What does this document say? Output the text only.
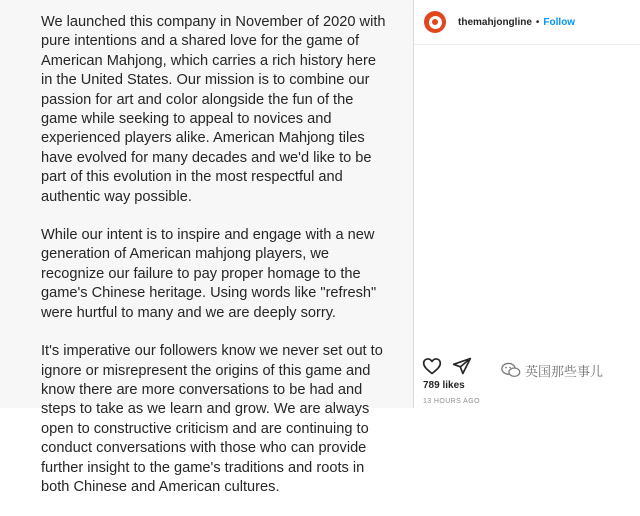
We launched this company in November of 2020 with pure intentions and a shared love for the game of American Mahjong, which carries a rich history here in the United States. Our mission is to combine our passion for art and color alongside the fun of the game while seeking to appeal to novices and experienced players alike. American Mahjong tiles have evolved for many decades and we'd like to be part of this evolution in the most respectful and authentic way possible.

While our intent is to inspire and engage with a new generation of American mahjong players, we recognize our failure to pay proper homage to the game's Chinese heritage. Using words like "refresh" were hurtful to many and we are deeply sorry.

It's imperative our followers know we never set out to ignore or misrepresent the origins of this game and know there are more conversations to be had and steps to take as we learn and grow. We are always open to constructive criticism and are continuing to conduct conversations with those who can provide further insight to the game's traditions and roots in both Chinese and American cultures.

themahjongline • Follow
英国那些事儿
789 likes
13 HOURS AGO
